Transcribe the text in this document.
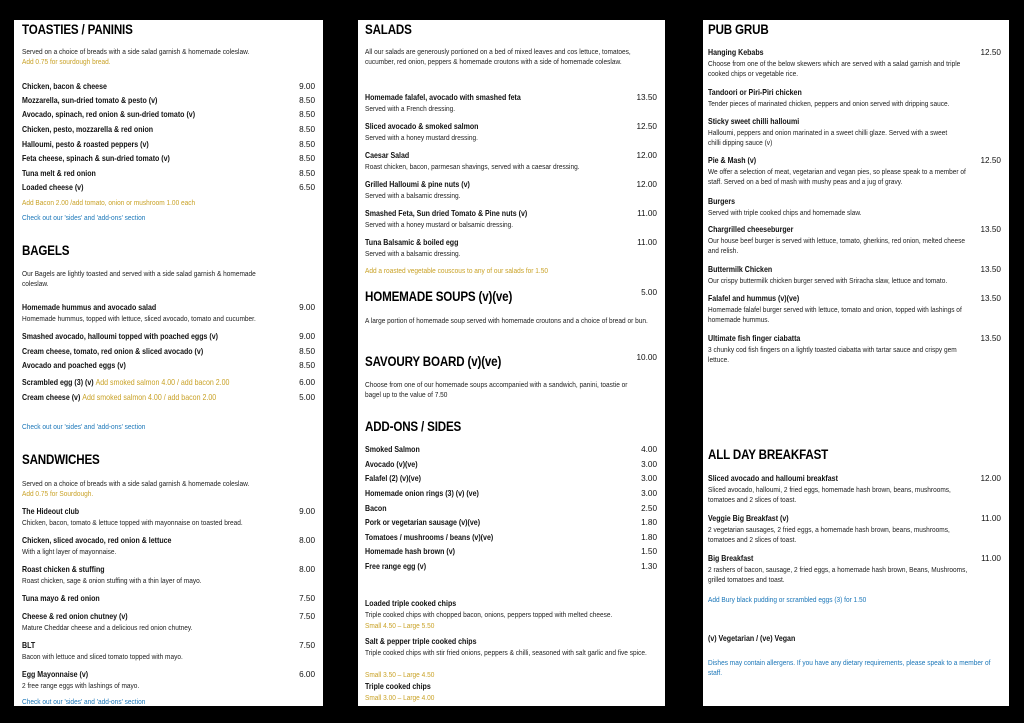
TOASTIES / PANINIS
Served on a choice of breads with a side salad garnish & homemade coleslaw.
Add 0.75 for sourdough bread.
Chicken, bacon & cheese	9.00
Mozzarella, sun-dried tomato & pesto (v)	8.50
Avocado, spinach, red onion & sun-dried tomato (v)	8.50
Chicken, pesto, mozzarella & red onion	8.50
Halloumi, pesto & roasted peppers (v)	8.50
Feta cheese, spinach & sun-dried tomato (v)	8.50
Tuna melt & red onion	8.50
Loaded cheese (v)	6.50
Add Bacon 2.00 /add tomato, onion or mushroom 1.00 each
Check out our 'sides' and 'add-ons' section
BAGELS
Our Bagels are lightly toasted and served with a side salad garnish & homemade coleslaw.
Homemade hummus and avocado salad	9.00
Homemade hummus, topped with lettuce, sliced avocado, tomato and cucumber.
Smashed avocado, halloumi topped with poached eggs (v)	9.00
Cream cheese, tomato, red onion & sliced avocado (v)	8.50
Avocado and poached eggs (v)	8.50
Scrambled egg (3) (v) Add smoked salmon 4.00 / add bacon 2.00	6.00
Cream cheese (v) Add smoked salmon 4.00 / add bacon 2.00	5.00
Check out our 'sides' and 'add-ons' section
SANDWICHES
Served on a choice of breads with a side salad garnish & homemade coleslaw.
Add 0.75 for Sourdough.
The Hideout club	9.00
Chicken, bacon, tomato & lettuce topped with mayonnaise on toasted bread.
Chicken, sliced avocado, red onion & lettuce	8.00
With a light layer of mayonnaise.
Roast chicken & stuffing	8.00
Roast chicken, sage & onion stuffing with a thin layer of mayo.
Tuna mayo & red onion	7.50
Cheese & red onion chutney (v)	7.50
Mature Cheddar cheese and a delicious red onion chutney.
BLT	7.50
Bacon with lettuce and sliced tomato topped with mayo.
Egg Mayonnaise (v)	6.00
2 free range eggs with lashings of mayo.
Check out our 'sides' and 'add-ons' section
SALADS
All our salads are generously portioned on a bed of mixed leaves and cos lettuce, tomatoes, cucumber, red onion, peppers & homemade croutons with a side of homemade coleslaw.
Homemade falafel, avocado with smashed feta	13.50
Served with a French dressing.
Sliced avocado & smoked salmon	12.50
Served with a honey mustard dressing.
Caesar Salad	12.00
Roast chicken, bacon, parmesan shavings, served with a caesar dressing.
Grilled Halloumi & pine nuts (v)	12.00
Served with a balsamic dressing.
Smashed Feta, Sun dried Tomato & Pine nuts (v)	11.00
Served with a honey mustard or balsamic dressing.
Tuna Balsamic & boiled egg	11.00
Served with a balsamic dressing.
Add a roasted vegetable couscous to any of our salads for 1.50
HOMEMADE SOUPS (v)(ve)	5.00
A large portion of homemade soup served with homemade croutons and a choice of bread or bun.
SAVOURY BOARD (v)(ve)	10.00
Choose from one of our homemade soups accompanied with a sandwich, panini, toastie or bagel up to the value of 7.50
ADD-ONS / SIDES
Smoked Salmon	4.00
Avocado (v)(ve)	3.00
Falafel (2) (v)(ve)	3.00
Homemade onion rings (3) (v) (ve)	3.00
Bacon	2.50
Pork or vegetarian sausage (v)(ve)	1.80
Tomatoes / mushrooms / beans (v)(ve)	1.80
Homemade hash brown (v)	1.50
Free range egg (v)	1.30
Loaded triple cooked chips
Triple cooked chips with chopped bacon, onions, peppers topped with melted cheese.
Small 4.50 – Large 5.50
Salt & pepper triple cooked chips
Triple cooked chips with stir fried onions, peppers & chilli, seasoned with salt garlic and five spice.
Small 3.50 – Large 4.50
Triple cooked chips
Small 3.00 – Large 4.00
PUB GRUB
Hanging Kebabs	12.50
Choose from one of the below skewers which are served with a salad garnish and triple cooked chips or vegetable rice.
Tandoori or Piri-Piri chicken
Tender pieces of marinated chicken, peppers and onion served with dripping sauce.
Sticky sweet chilli halloumi
Halloumi, peppers and onion marinated in a sweet chilli glaze. Served with a sweet chilli dipping sauce (v)
Pie & Mash (v)	12.50
We offer a selection of meat, vegetarian and vegan pies, so please speak to a member of staff. Served on a bed of mash with mushy peas and a jug of gravy.
Burgers
Served with triple cooked chips and homemade slaw.
Chargrilled cheeseburger	13.50
Our house beef burger is served with lettuce, tomato, gherkins, red onion, melted cheese and relish.
Buttermilk Chicken	13.50
Our crispy buttermilk chicken burger served with Sriracha slaw, lettuce and tomato.
Falafel and hummus (v)(ve)	13.50
Homemade falafel burger served with lettuce, tomato and onion, topped with lashings of homemade hummus.
Ultimate fish finger ciabatta	13.50
3 chunky cod fish fingers on a lightly toasted ciabatta with tartar sauce and crispy gem lettuce.
ALL DAY BREAKFAST
Sliced avocado and halloumi breakfast	12.00
Sliced avocado, halloumi, 2 fried eggs, homemade hash brown, beans, mushrooms, tomatoes and 2 slices of toast.
Veggie Big Breakfast (v)	11.00
2 vegetarian sausages, 2 fried eggs, a homemade hash brown, beans, mushrooms, tomatoes and 2 slices of toast.
Big Breakfast	11.00
2 rashers of bacon, sausage, 2 fried eggs, a homemade hash brown, Beans, Mushrooms, grilled tomatoes and toast.
Add Bury black pudding or scrambled eggs (3) for 1.50
(v) Vegetarian / (ve) Vegan
Dishes may contain allergens. If you have any dietary requirements, please speak to a member of staff.
